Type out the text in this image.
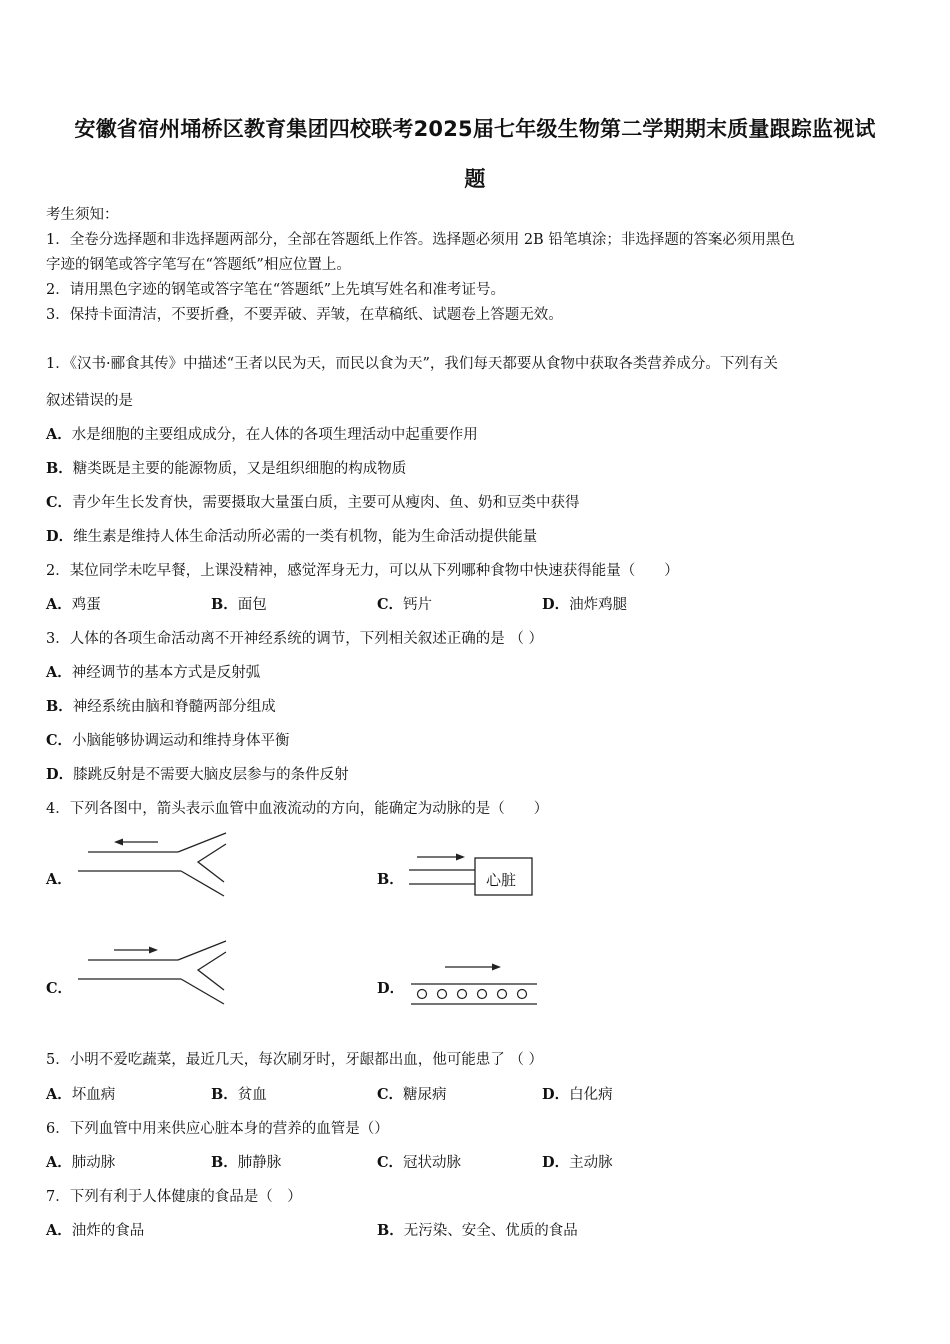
安徽省宿州埇桥区教育集团四校联考2025届七年级生物第二学期期末质量跟踪监视试
题
考生须知：
1．全卷分选择题和非选择题两部分，全部在答题纸上作答。选择题必须用 2B 铅笔填涂；非选择题的答案必须用黑色
字迹的钢笔或答字笔写在“答题纸”相应位置上。
2．请用黑色字迹的钢笔或答字笔在“答题纸”上先填写姓名和准考证号。
3．保持卡面清洁，不要折叠，不要弄破、弄皱，在草稿纸、试题卷上答题无效。
1．《汉书·郦食其传》中描述“王者以民为天，而民以食为天”，我们每天都要从食物中获取各类营养成分。下列有关
叙述错误的是
A．水是细胞的主要组成成分，在人体的各项生理活动中起重要作用
B．糖类既是主要的能源物质，又是组织细胞的构成物质
C．青少年生长发育快，需要摄取大量蛋白质，主要可从瘦肉、鱼、奶和豆类中获得
D．维生素是维持人体生命活动所必需的一类有机物，能为生命活动提供能量
2．某位同学未吃早餐，上课没精神，感觉浑身无力，可以从下列哪种食物中快速获得能量（　　）
A．鸡蛋	B．面包	C．钙片	D．油炸鸡腿
3．人体的各项生命活动离不开神经系统的调节，下列相关叙述正确的是 （ ）
A．神经调节的基本方式是反射弧
B．神经系统由脑和脊髓两部分组成
C．小脑能够协调运动和维持身体平衡
D．膝跳反射是不需要大脑皮层参与的条件反射
4．下列各图中，箭头表示血管中血液流动的方向，能确定为动脉的是（　　）
A．	B．	心脏
C．	D．
5．小明不爱吃蔬菜，最近几天，每次刷牙时，牙龈都出血，他可能患了 （ ）
A．坏血病	B．贫血	C．糖尿病	D．白化病
6．下列血管中用来供应心脏本身的营养的血管是（）
A．肺动脉	B．肺静脉	C．冠状动脉	D．主动脉
7．下列有利于人体健康的食品是（　）
A．油炸的食品	B．无污染、安全、优质的食品
